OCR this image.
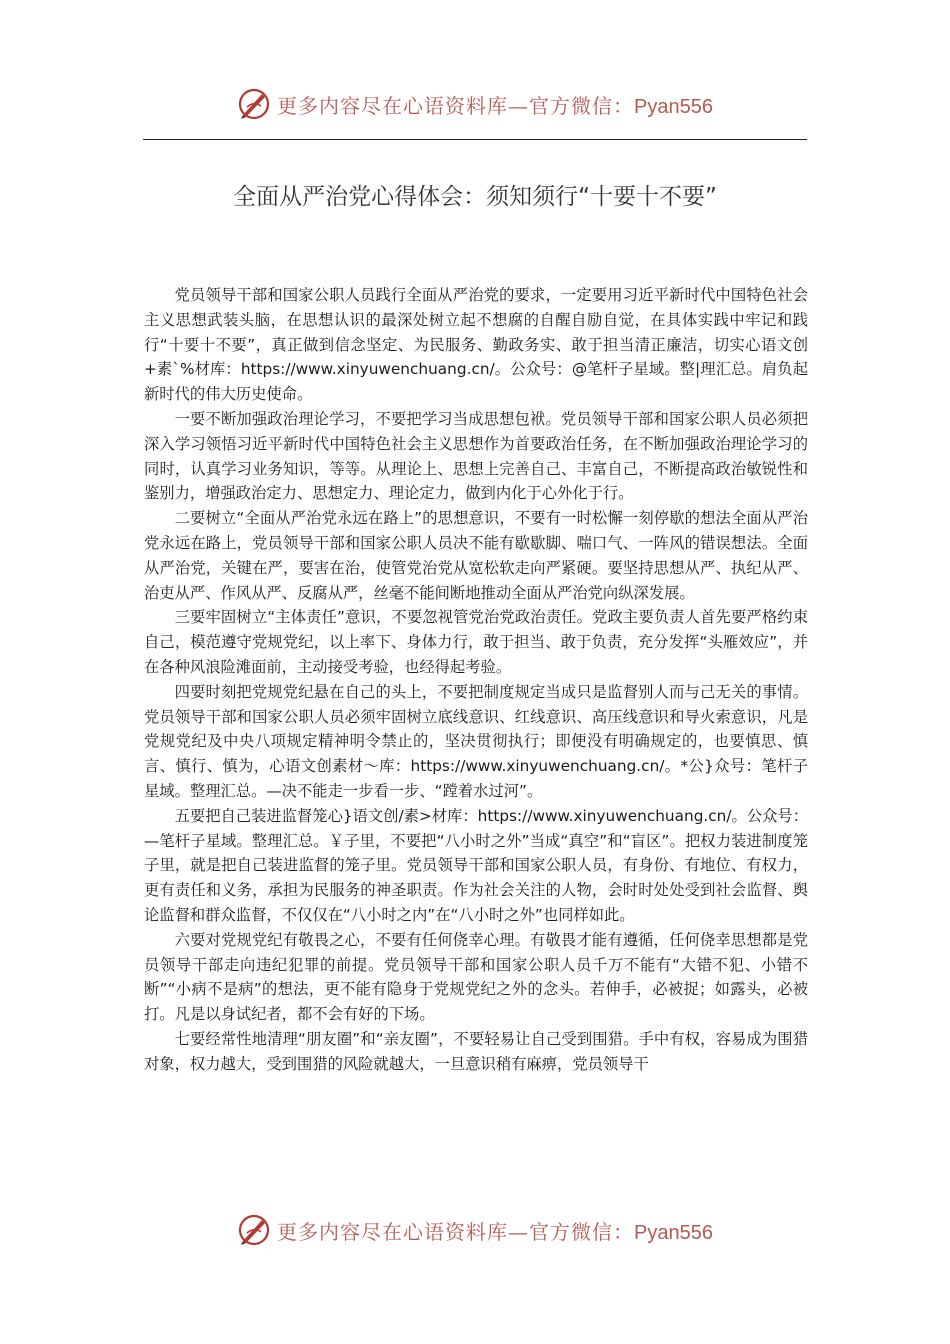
更多内容尽在心语资料库—官方微信：Pyan556
全面从严治党心得体会：须知须行“十要十不要”

党员领导干部和国家公职人员践行全面从严治党的要求，一定要用习近平新时代中国特色社会主义思想武装头脑，在思想认识的最深处树立起不想腐的自醒自励自觉，在具体实践中牢记和践行“十要十不要”，真正做到信念坚定、为民服务、勤政务实、敢于担当清正廉洁，切实心语文创+素`%材库：https://www.xinyuwenchuang.cn/。公众号：@笔杆子星域。整|理汇总。肩负起新时代的伟大历史使命。

一要不断加强政治理论学习，不要把学习当成思想包袱。党员领导干部和国家公职人员必须把深入学习领悟习近平新时代中国特色社会主义思想作为首要政治任务，在不断加强政治理论学习的同时，认真学习业务知识，等等。从理论上、思想上完善自己、丰富自己，不断提高政治敏锐性和鉴别力，增强政治定力、思想定力、理论定力，做到内化于心外化于行。

二要树立“全面从严治党永远在路上”的思想意识，不要有一时松懈一刻停歇的想法全面从严治党永远在路上，党员领导干部和国家公职人员决不能有歇歇脚、喘口气、一阵风的错误想法。全面从严治党，关键在严，要害在治，使管党治党从宽松软走向严紧硬。要坚持思想从严、执纪从严、治吏从严、作风从严、反腐从严，丝毫不能间断地推动全面从严治党向纵深发展。

三要牢固树立“主体责任”意识，不要忽视管党治党政治责任。党政主要负责人首先要严格约束自己，模范遵守党规党纪，以上率下、身体力行，敢于担当、敢于负责，充分发挥“头雁效应”，并在各种风浪险滩面前，主动接受考验，也经得起考验。

四要时刻把党规党纪悬在自己的头上，不要把制度规定当成只是监督别人而与己无关的事情。党员领导干部和国家公职人员必须牢固树立底线意识、红线意识、高压线意识和导火索意识，凡是党规党纪及中央八项规定精神明令禁止的，坚决贯彻执行；即便没有明确规定的，也要慎思、慎言、慎行、慎为，心语文创素材～库：https://www.xinyuwenchuang.cn/。*公}众号：笔杆子星域。整理汇总。—决不能走一步看一步、“蹚着水过河”。

五要把自己装进监督笼心}语文创/素>材库：https://www.xinyuwenchuang.cn/。公众号：—笔杆子星域。整理汇总。￥子里，不要把“八小时之外”当成“真空”和“盲区”。把权力装进制度笼子里，就是把自己装进监督的笼子里。党员领导干部和国家公职人员，有身份、有地位、有权力，更有责任和义务，承担为民服务的神圣职责。作为社会关注的人物，会时时处处受到社会监督、舆论监督和群众监督，不仅仅在“八小时之内”在“八小时之外”也同样如此。

六要对党规党纪有敬畏之心，不要有任何侥幸心理。有敬畏才能有遵循，任何侥幸思想都是党员领导干部走向违纪犯罪的前提。党员领导干部和国家公职人员千万不能有“大错不犯、小错不断”“小病不是病”的想法，更不能有隐身于党规党纪之外的念头。若伸手，必被捉；如露头，必被打。凡是以身试纪者，都不会有好的下场。

七要经常性地清理“朋友圈”和“亲友圈”，不要轻易让自己受到围猎。手中有权，容易成为围猎对象，权力越大，受到围猎的风险就越大，一旦意识稍有麻痹，党员领导干

更多内容尽在心语资料库—官方微信：Pyan556
